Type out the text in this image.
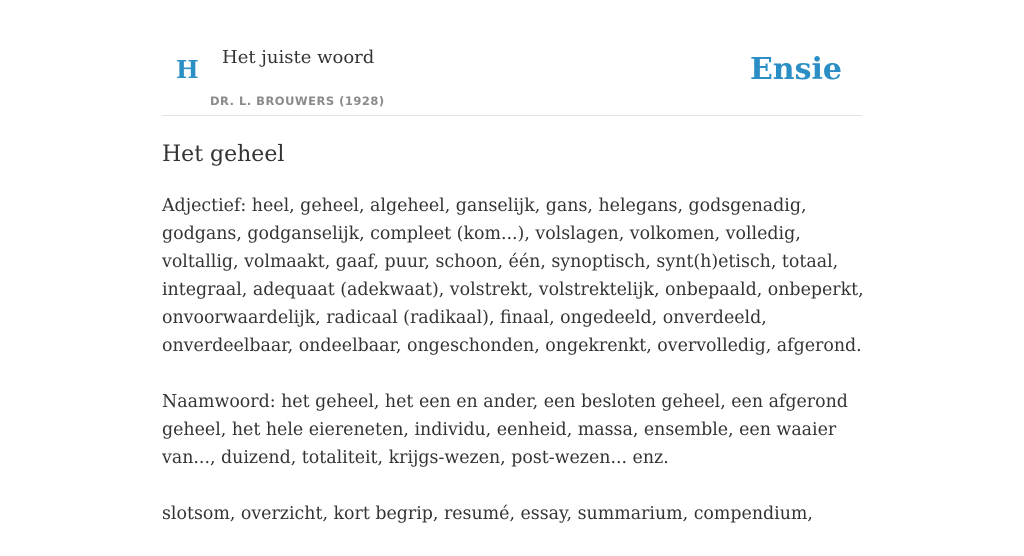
H Het juiste woord
DR. L. BROUWERS (1928)
Ensie
Het geheel

Adjectief: heel, geheel, algeheel, ganselijk, gans, helegans, godsgenadig, godgans, godganselijk, compleet (kom...), volslagen, volkomen, volledig, voltallig, volmaakt, gaaf, puur, schoon, één, synoptisch, synt(h)etisch, totaal, integraal, adequaat (adekwaat), volstrekt, volstrektelijk, onbepaald, onbeperkt, onvoorwaardelijk, radicaal (radikaal), finaal, ongedeeld, onverdeeld, onverdeelbaar, ondeelbaar, ongeschonden, ongekrenkt, overvolledig, afgerond.

Naamwoord: het geheel, het een en ander, een besloten geheel, een afgerond geheel, het hele eiereneten, individu, eenheid, massa, ensemble, een waaier van..., duizend, totaliteit, krijgs-wezen, post-wezen... enz.

slotsom, overzicht, kort begrip, resumé, essay, summarium, compendium,
